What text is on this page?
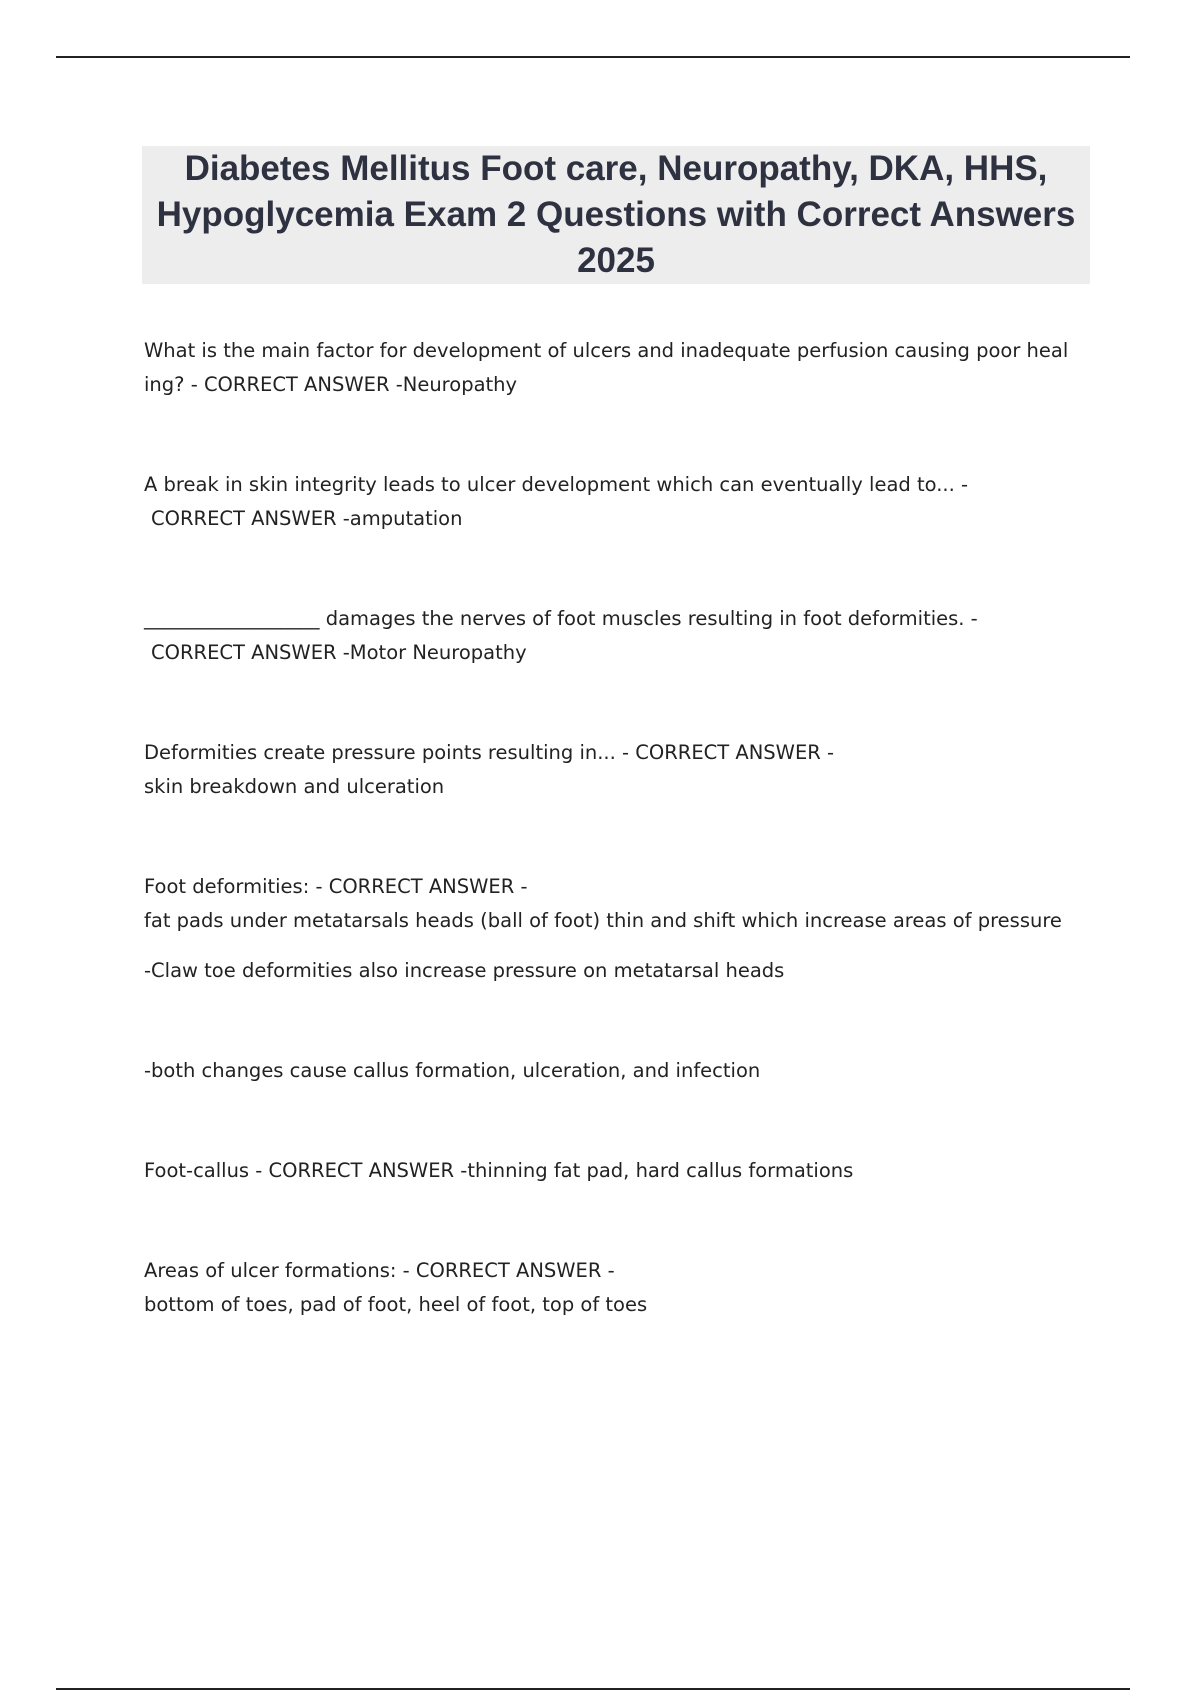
Diabetes Mellitus Foot care, Neuropathy, DKA, HHS, Hypoglycemia Exam 2 Questions with Correct Answers 2025

What is the main factor for development of ulcers and inadequate perfusion causing poor heal

ing? - CORRECT ANSWER -Neuropathy

A break in skin integrity leads to ulcer development which can eventually lead to... -

CORRECT ANSWER -amputation

__________________ damages the nerves of foot muscles resulting in foot deformities. -

CORRECT ANSWER -Motor Neuropathy

Deformities create pressure points resulting in... - CORRECT ANSWER -

skin breakdown and ulceration

Foot deformities: - CORRECT ANSWER -

fat pads under metatarsals heads (ball of foot) thin and shift which increase areas of pressure

-Claw toe deformities also increase pressure on metatarsal heads

-both changes cause callus formation, ulceration, and infection

Foot-callus - CORRECT ANSWER -thinning fat pad, hard callus formations

Areas of ulcer formations: - CORRECT ANSWER -

bottom of toes, pad of foot, heel of foot, top of toes
